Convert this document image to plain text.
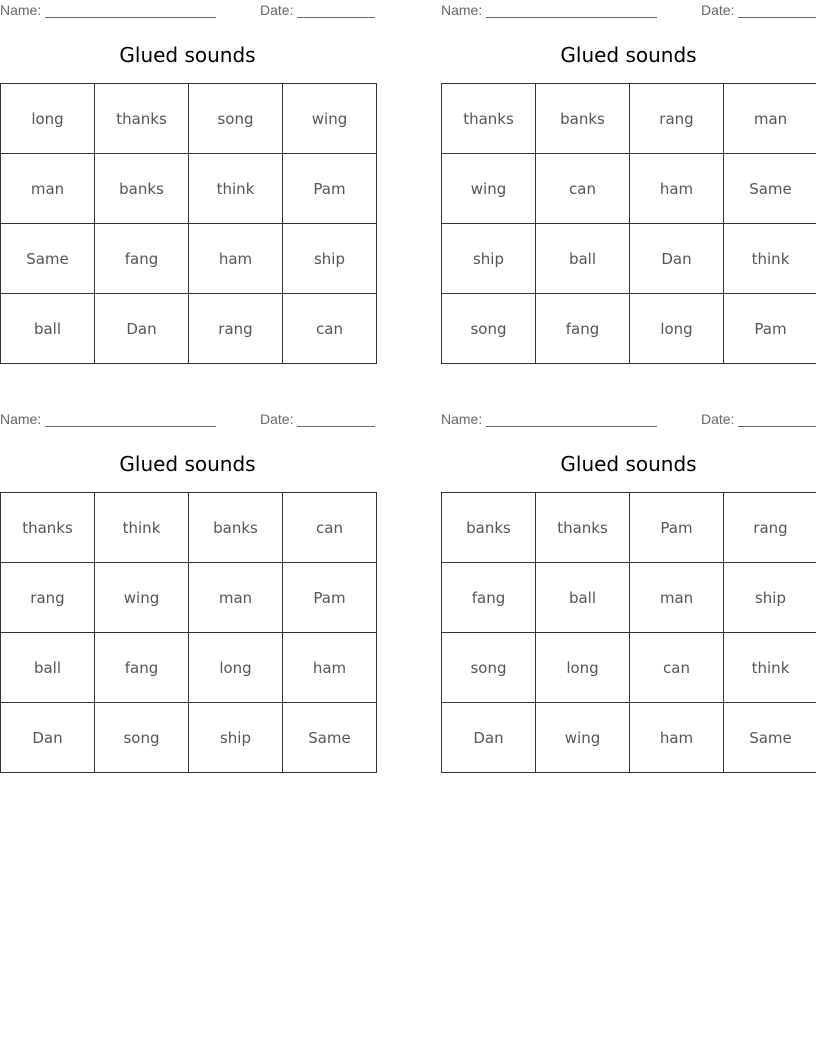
Name:	Date:
Glued sounds
long	thanks	song	wing
man	banks	think	Pam
Same	fang	ham	ship
ball	Dan	rang	can
Name:	Date:
Glued sounds
thanks	banks	rang	man
wing	can	ham	Same
ship	ball	Dan	think
song	fang	long	Pam
Name:	Date:
Glued sounds
thanks	think	banks	can
rang	wing	man	Pam
ball	fang	long	ham
Dan	song	ship	Same
Name:	Date:
Glued sounds
banks	thanks	Pam	rang
fang	ball	man	ship
song	long	can	think
Dan	wing	ham	Same
